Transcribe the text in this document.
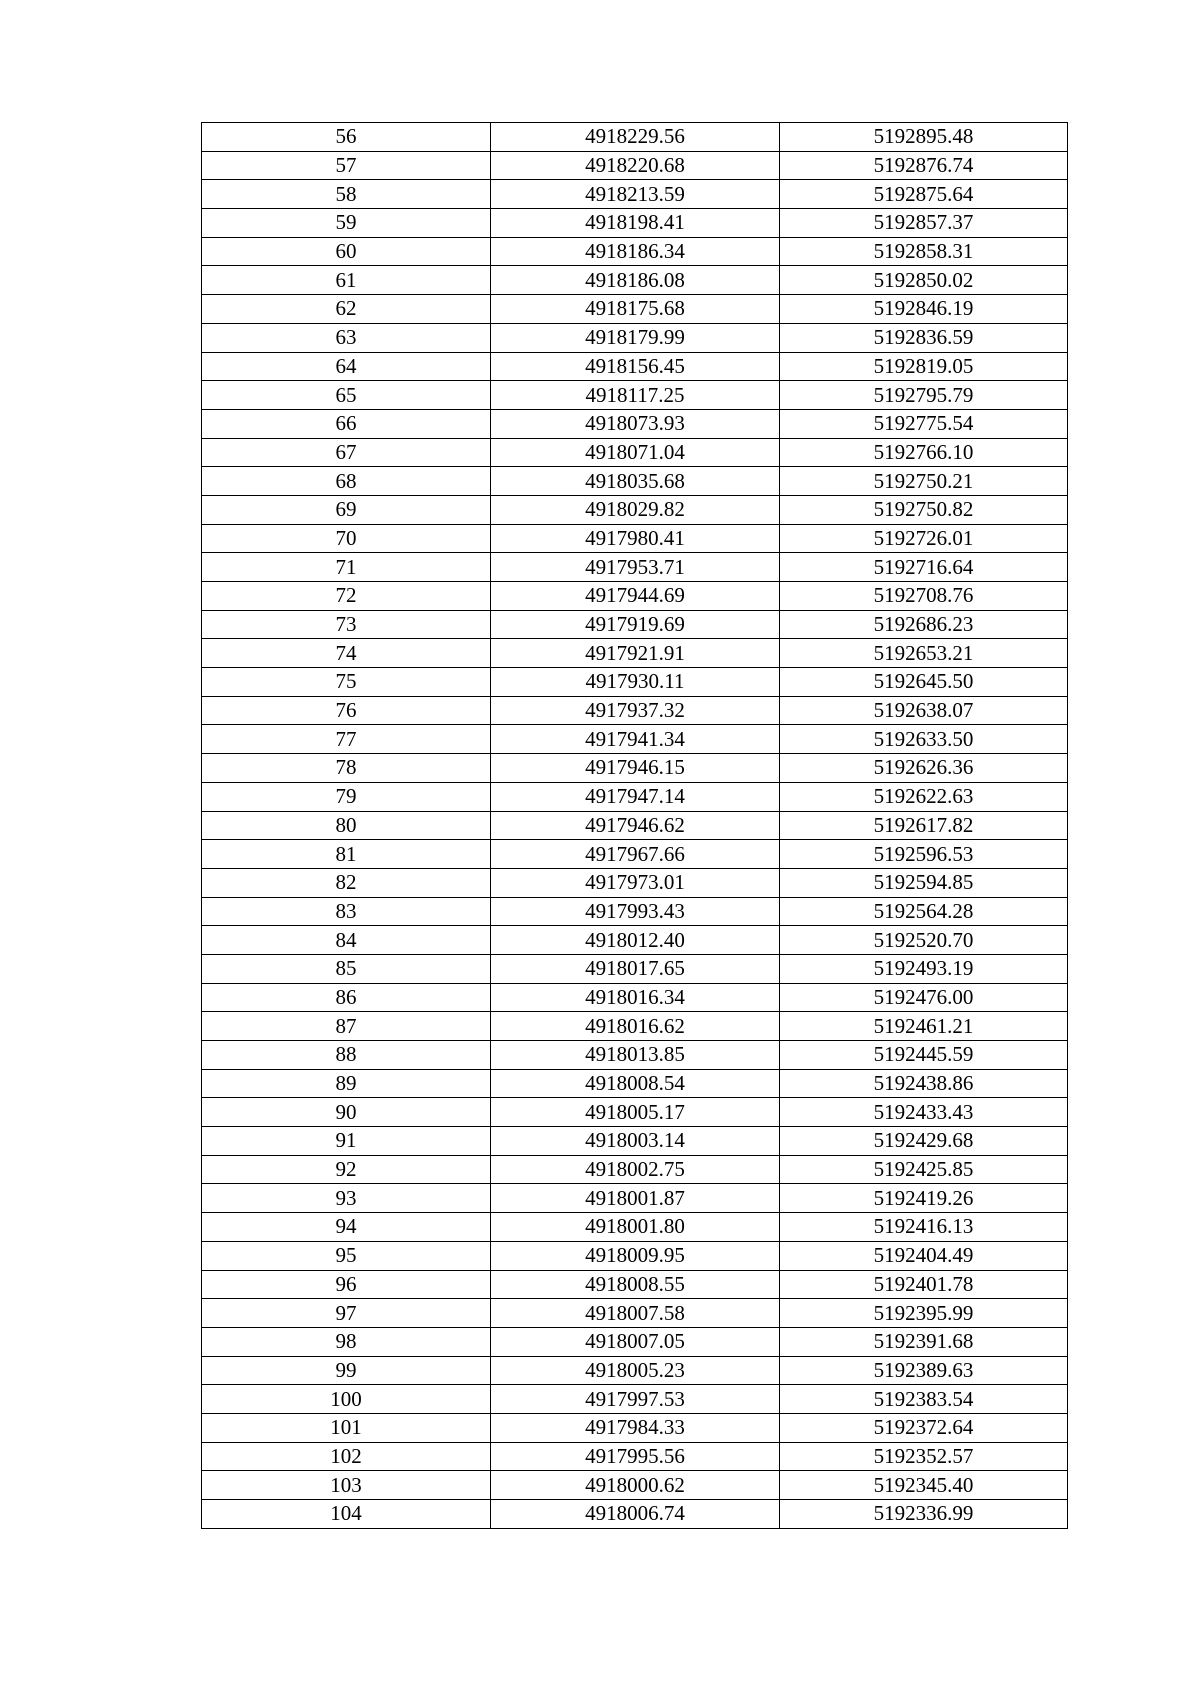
56	4918229.56	5192895.48
57	4918220.68	5192876.74
58	4918213.59	5192875.64
59	4918198.41	5192857.37
60	4918186.34	5192858.31
61	4918186.08	5192850.02
62	4918175.68	5192846.19
63	4918179.99	5192836.59
64	4918156.45	5192819.05
65	4918117.25	5192795.79
66	4918073.93	5192775.54
67	4918071.04	5192766.10
68	4918035.68	5192750.21
69	4918029.82	5192750.82
70	4917980.41	5192726.01
71	4917953.71	5192716.64
72	4917944.69	5192708.76
73	4917919.69	5192686.23
74	4917921.91	5192653.21
75	4917930.11	5192645.50
76	4917937.32	5192638.07
77	4917941.34	5192633.50
78	4917946.15	5192626.36
79	4917947.14	5192622.63
80	4917946.62	5192617.82
81	4917967.66	5192596.53
82	4917973.01	5192594.85
83	4917993.43	5192564.28
84	4918012.40	5192520.70
85	4918017.65	5192493.19
86	4918016.34	5192476.00
87	4918016.62	5192461.21
88	4918013.85	5192445.59
89	4918008.54	5192438.86
90	4918005.17	5192433.43
91	4918003.14	5192429.68
92	4918002.75	5192425.85
93	4918001.87	5192419.26
94	4918001.80	5192416.13
95	4918009.95	5192404.49
96	4918008.55	5192401.78
97	4918007.58	5192395.99
98	4918007.05	5192391.68
99	4918005.23	5192389.63
100	4917997.53	5192383.54
101	4917984.33	5192372.64
102	4917995.56	5192352.57
103	4918000.62	5192345.40
104	4918006.74	5192336.99
